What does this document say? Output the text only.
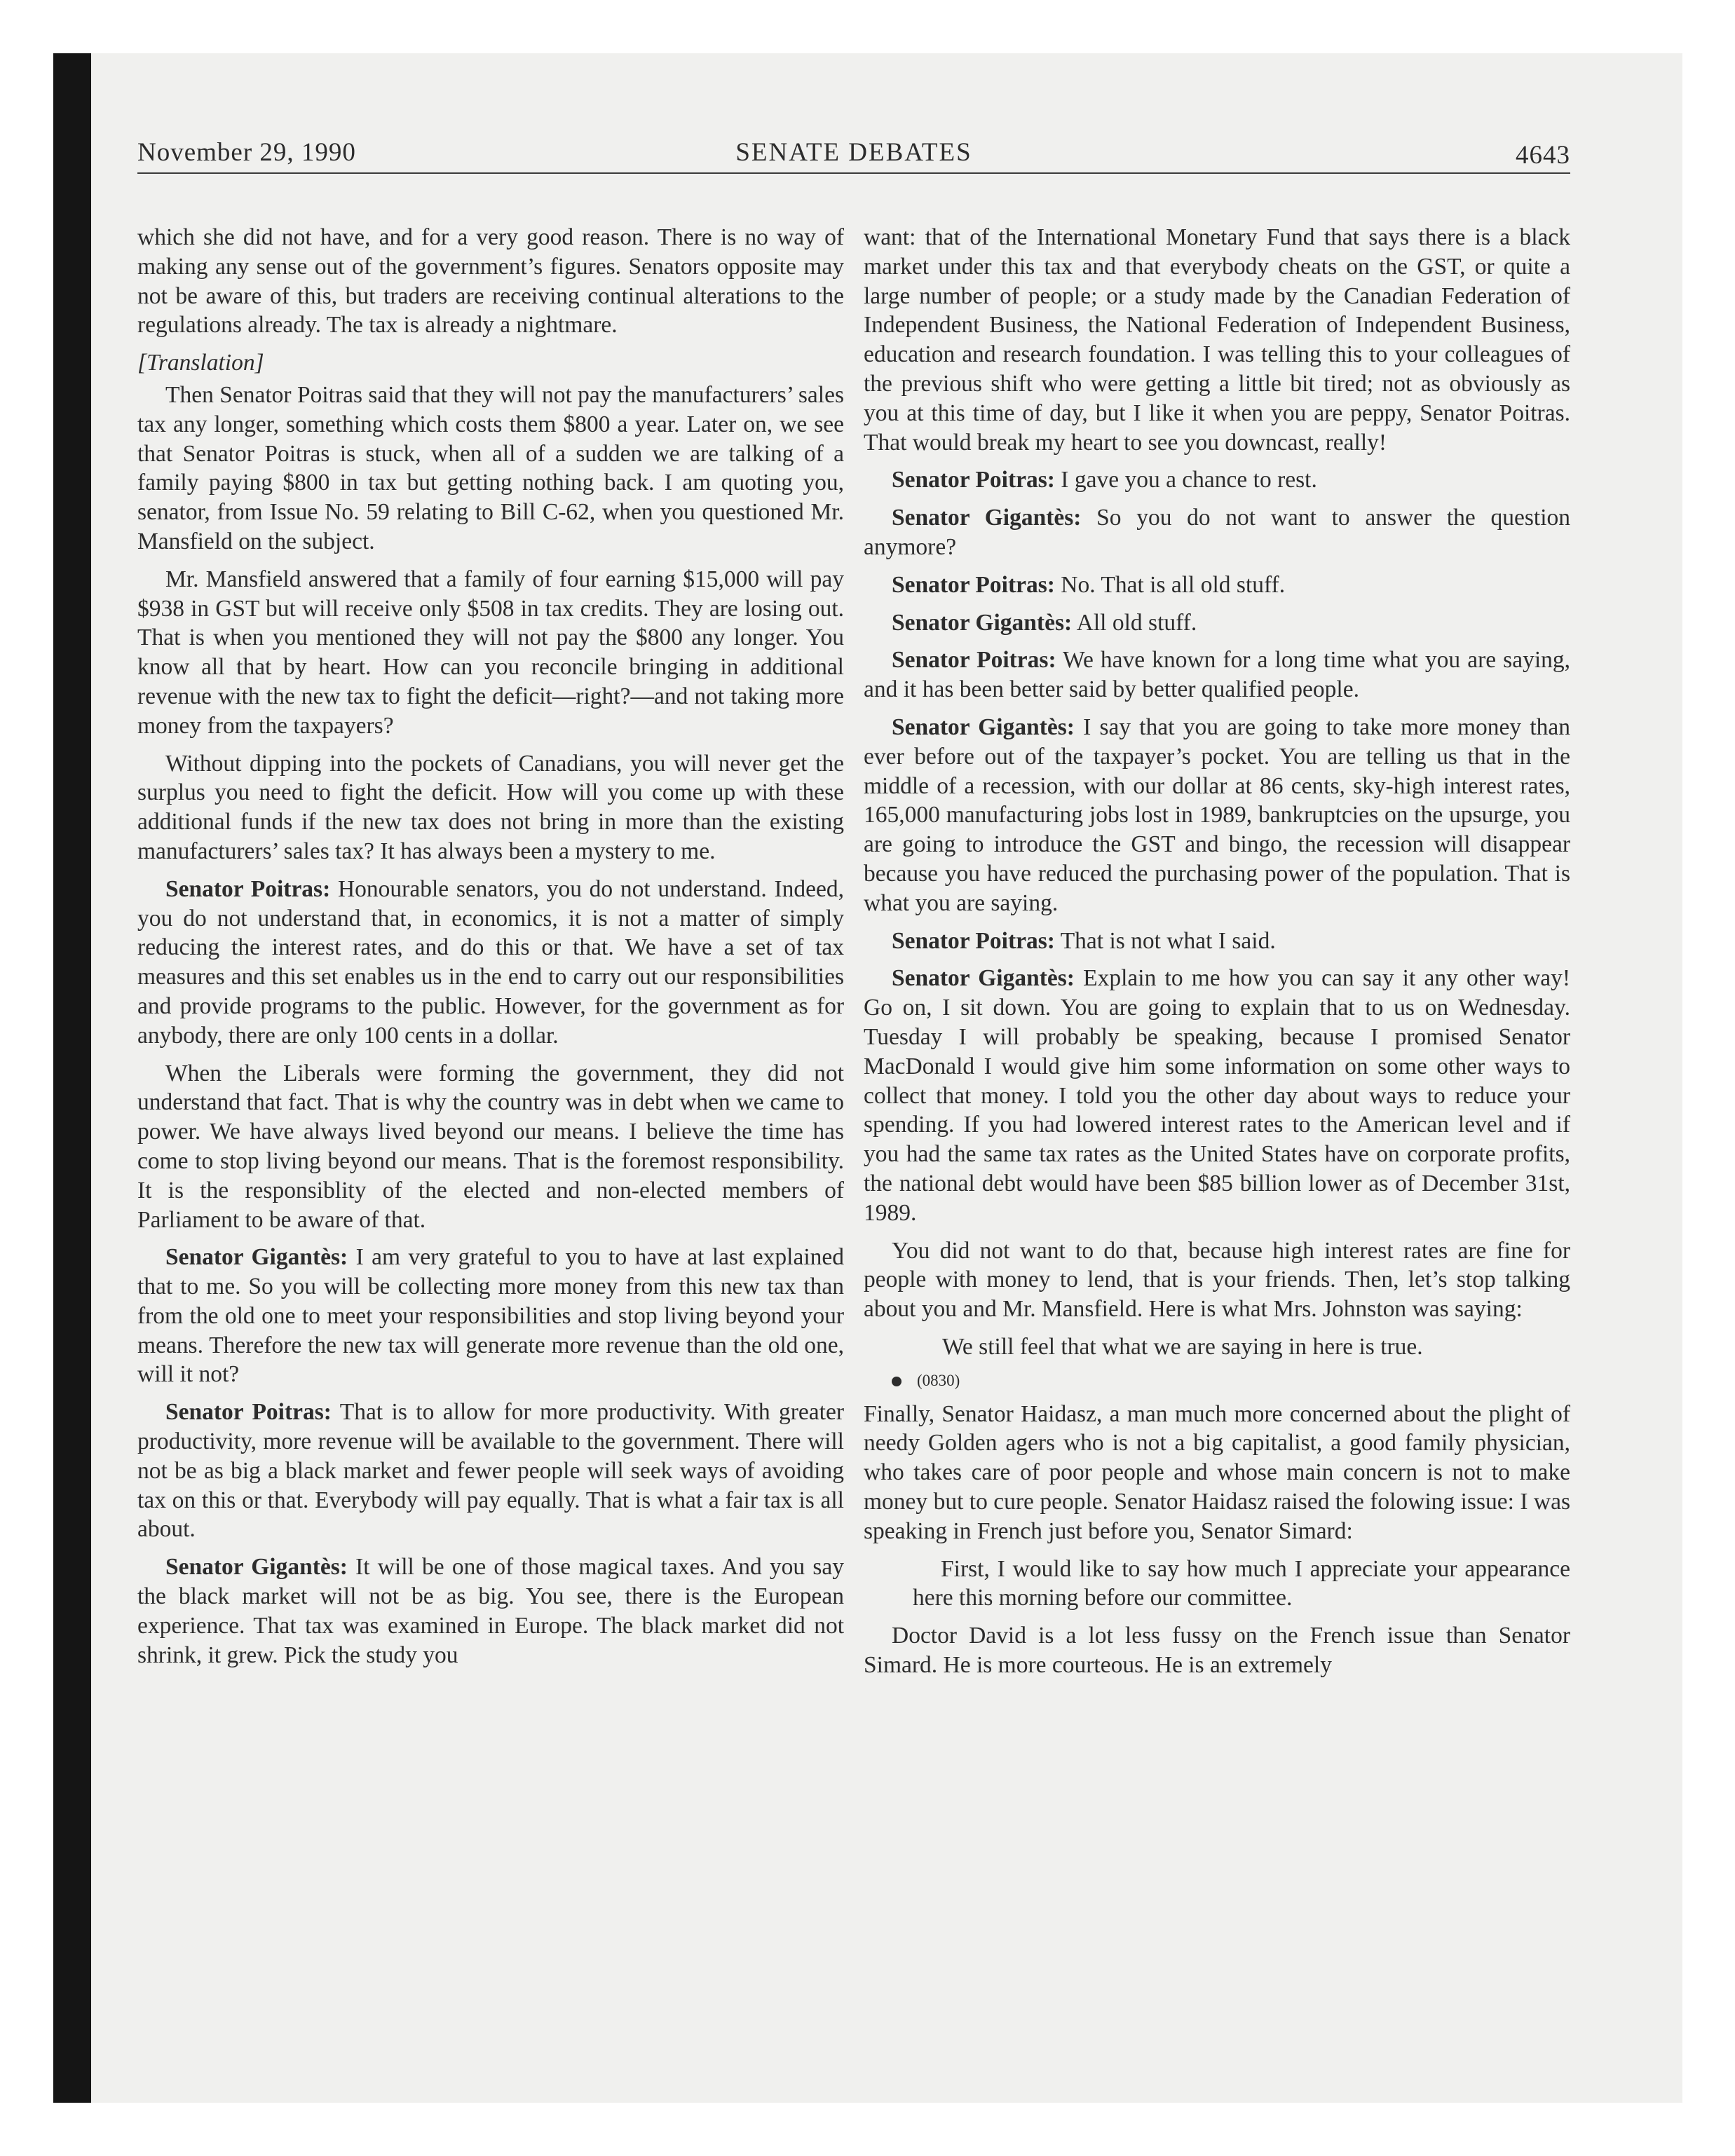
November 29, 1990	SENATE DEBATES	4643

which she did not have, and for a very good reason. There is no way of making any sense out of the government’s figures. Senators opposite may not be aware of this, but traders are receiving continual alterations to the regulations already. The tax is already a nightmare.

[Translation]

Then Senator Poitras said that they will not pay the manufacturers’ sales tax any longer, something which costs them $800 a year. Later on, we see that Senator Poitras is stuck, when all of a sudden we are talking of a family paying $800 in tax but getting nothing back. I am quoting you, senator, from Issue No. 59 relating to Bill C-62, when you questioned Mr. Mansfield on the subject.

Mr. Mansfield answered that a family of four earning $15,000 will pay $938 in GST but will receive only $508 in tax credits. They are losing out. That is when you mentioned they will not pay the $800 any longer. You know all that by heart. How can you reconcile bringing in additional revenue with the new tax to fight the deficit—right?—and not taking more money from the taxpayers?

Without dipping into the pockets of Canadians, you will never get the surplus you need to fight the deficit. How will you come up with these additional funds if the new tax does not bring in more than the existing manufacturers’ sales tax? It has always been a mystery to me.

Senator Poitras: Honourable senators, you do not understand. Indeed, you do not understand that, in economics, it is not a matter of simply reducing the interest rates, and do this or that. We have a set of tax measures and this set enables us in the end to carry out our responsibilities and provide programs to the public. However, for the government as for anybody, there are only 100 cents in a dollar.

When the Liberals were forming the government, they did not understand that fact. That is why the country was in debt when we came to power. We have always lived beyond our means. I believe the time has come to stop living beyond our means. That is the foremost responsibility. It is the responsiblity of the elected and non-elected members of Parliament to be aware of that.

Senator Gigantès: I am very grateful to you to have at last explained that to me. So you will be collecting more money from this new tax than from the old one to meet your responsibilities and stop living beyond your means. Therefore the new tax will generate more revenue than the old one, will it not?

Senator Poitras: That is to allow for more productivity. With greater productivity, more revenue will be available to the government. There will not be as big a black market and fewer people will seek ways of avoiding tax on this or that. Everybody will pay equally. That is what a fair tax is all about.

Senator Gigantès: It will be one of those magical taxes. And you say the black market will not be as big. You see, there is the European experience. That tax was examined in Europe. The black market did not shrink, it grew. Pick the study you

want: that of the International Monetary Fund that says there is a black market under this tax and that everybody cheats on the GST, or quite a large number of people; or a study made by the Canadian Federation of Independent Business, the National Federation of Independent Business, education and research foundation. I was telling this to your colleagues of the previous shift who were getting a little bit tired; not as obviously as you at this time of day, but I like it when you are peppy, Senator Poitras. That would break my heart to see you downcast, really!

Senator Poitras: I gave you a chance to rest.

Senator Gigantès: So you do not want to answer the question anymore?

Senator Poitras: No. That is all old stuff.

Senator Gigantès: All old stuff.

Senator Poitras: We have known for a long time what you are saying, and it has been better said by better qualified people.

Senator Gigantès: I say that you are going to take more money than ever before out of the taxpayer’s pocket. You are telling us that in the middle of a recession, with our dollar at 86 cents, sky-high interest rates, 165,000 manufacturing jobs lost in 1989, bankruptcies on the upsurge, you are going to introduce the GST and bingo, the recession will disappear because you have reduced the purchasing power of the population. That is what you are saying.

Senator Poitras: That is not what I said.

Senator Gigantès: Explain to me how you can say it any other way! Go on, I sit down. You are going to explain that to us on Wednesday. Tuesday I will probably be speaking, because I promised Senator MacDonald I would give him some information on some other ways to collect that money. I told you the other day about ways to reduce your spending. If you had lowered interest rates to the American level and if you had the same tax rates as the United States have on corporate profits, the national debt would have been $85 billion lower as of December 31st, 1989.

You did not want to do that, because high interest rates are fine for people with money to lend, that is your friends. Then, let’s stop talking about you and Mr. Mansfield. Here is what Mrs. Johnston was saying:

We still feel that what we are saying in here is true.

(0830)

Finally, Senator Haidasz, a man much more concerned about the plight of needy Golden agers who is not a big capitalist, a good family physician, who takes care of poor people and whose main concern is not to make money but to cure people. Senator Haidasz raised the folowing issue: I was speaking in French just before you, Senator Simard:

First, I would like to say how much I appreciate your appearance here this morning before our committee.

Doctor David is a lot less fussy on the French issue than Senator Simard. He is more courteous. He is an extremely
